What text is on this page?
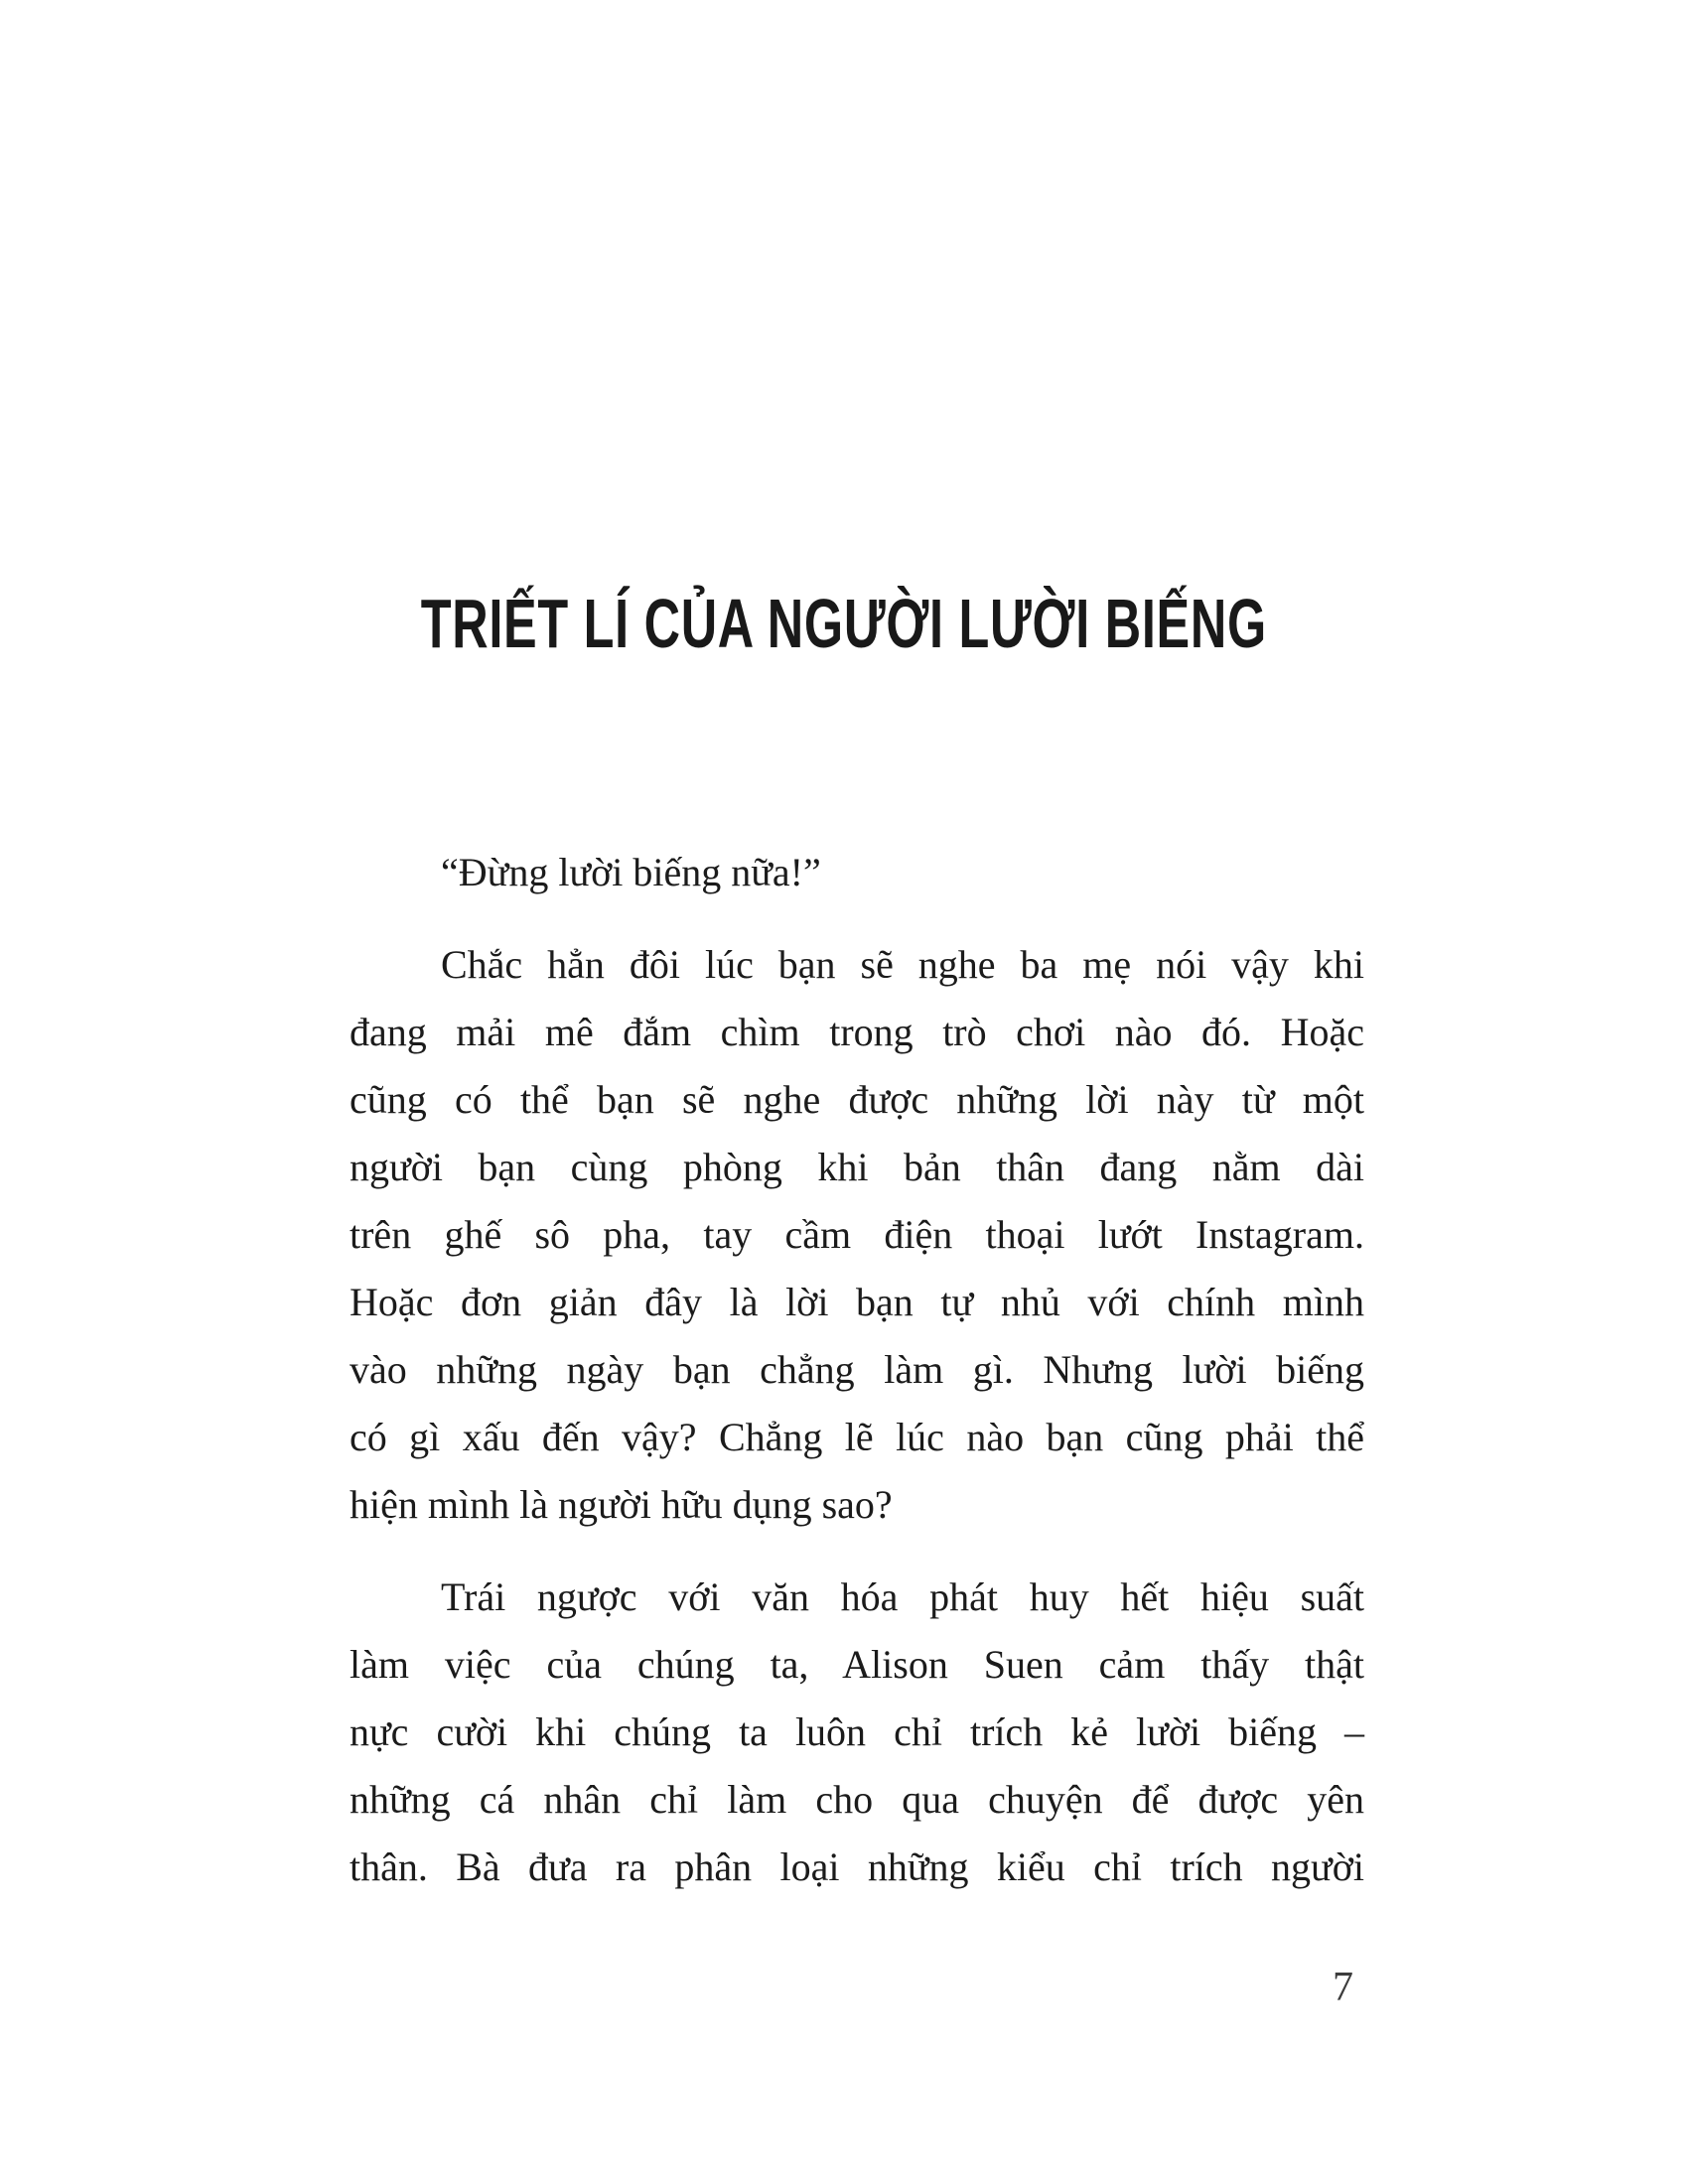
TRIẾT LÍ CỦA NGƯỜI LƯỜI BIẾNG
“Đừng lười biếng nữa!”
Chắc hẳn đôi lúc bạn sẽ nghe ba mẹ nói vậy khi
đang mải mê đắm chìm trong trò chơi nào đó. Hoặc
cũng có thể bạn sẽ nghe được những lời này từ một
người bạn cùng phòng khi bản thân đang nằm dài
trên ghế sô pha, tay cầm điện thoại lướt Instagram.
Hoặc đơn giản đây là lời bạn tự nhủ với chính mình
vào những ngày bạn chẳng làm gì. Nhưng lười biếng
có gì xấu đến vậy? Chẳng lẽ lúc nào bạn cũng phải thể
hiện mình là người hữu dụng sao?
Trái ngược với văn hóa phát huy hết hiệu suất
làm việc của chúng ta, Alison Suen cảm thấy thật
nực cười khi chúng ta luôn chỉ trích kẻ lười biếng –
những cá nhân chỉ làm cho qua chuyện để được yên
thân. Bà đưa ra phân loại những kiểu chỉ trích người
7
